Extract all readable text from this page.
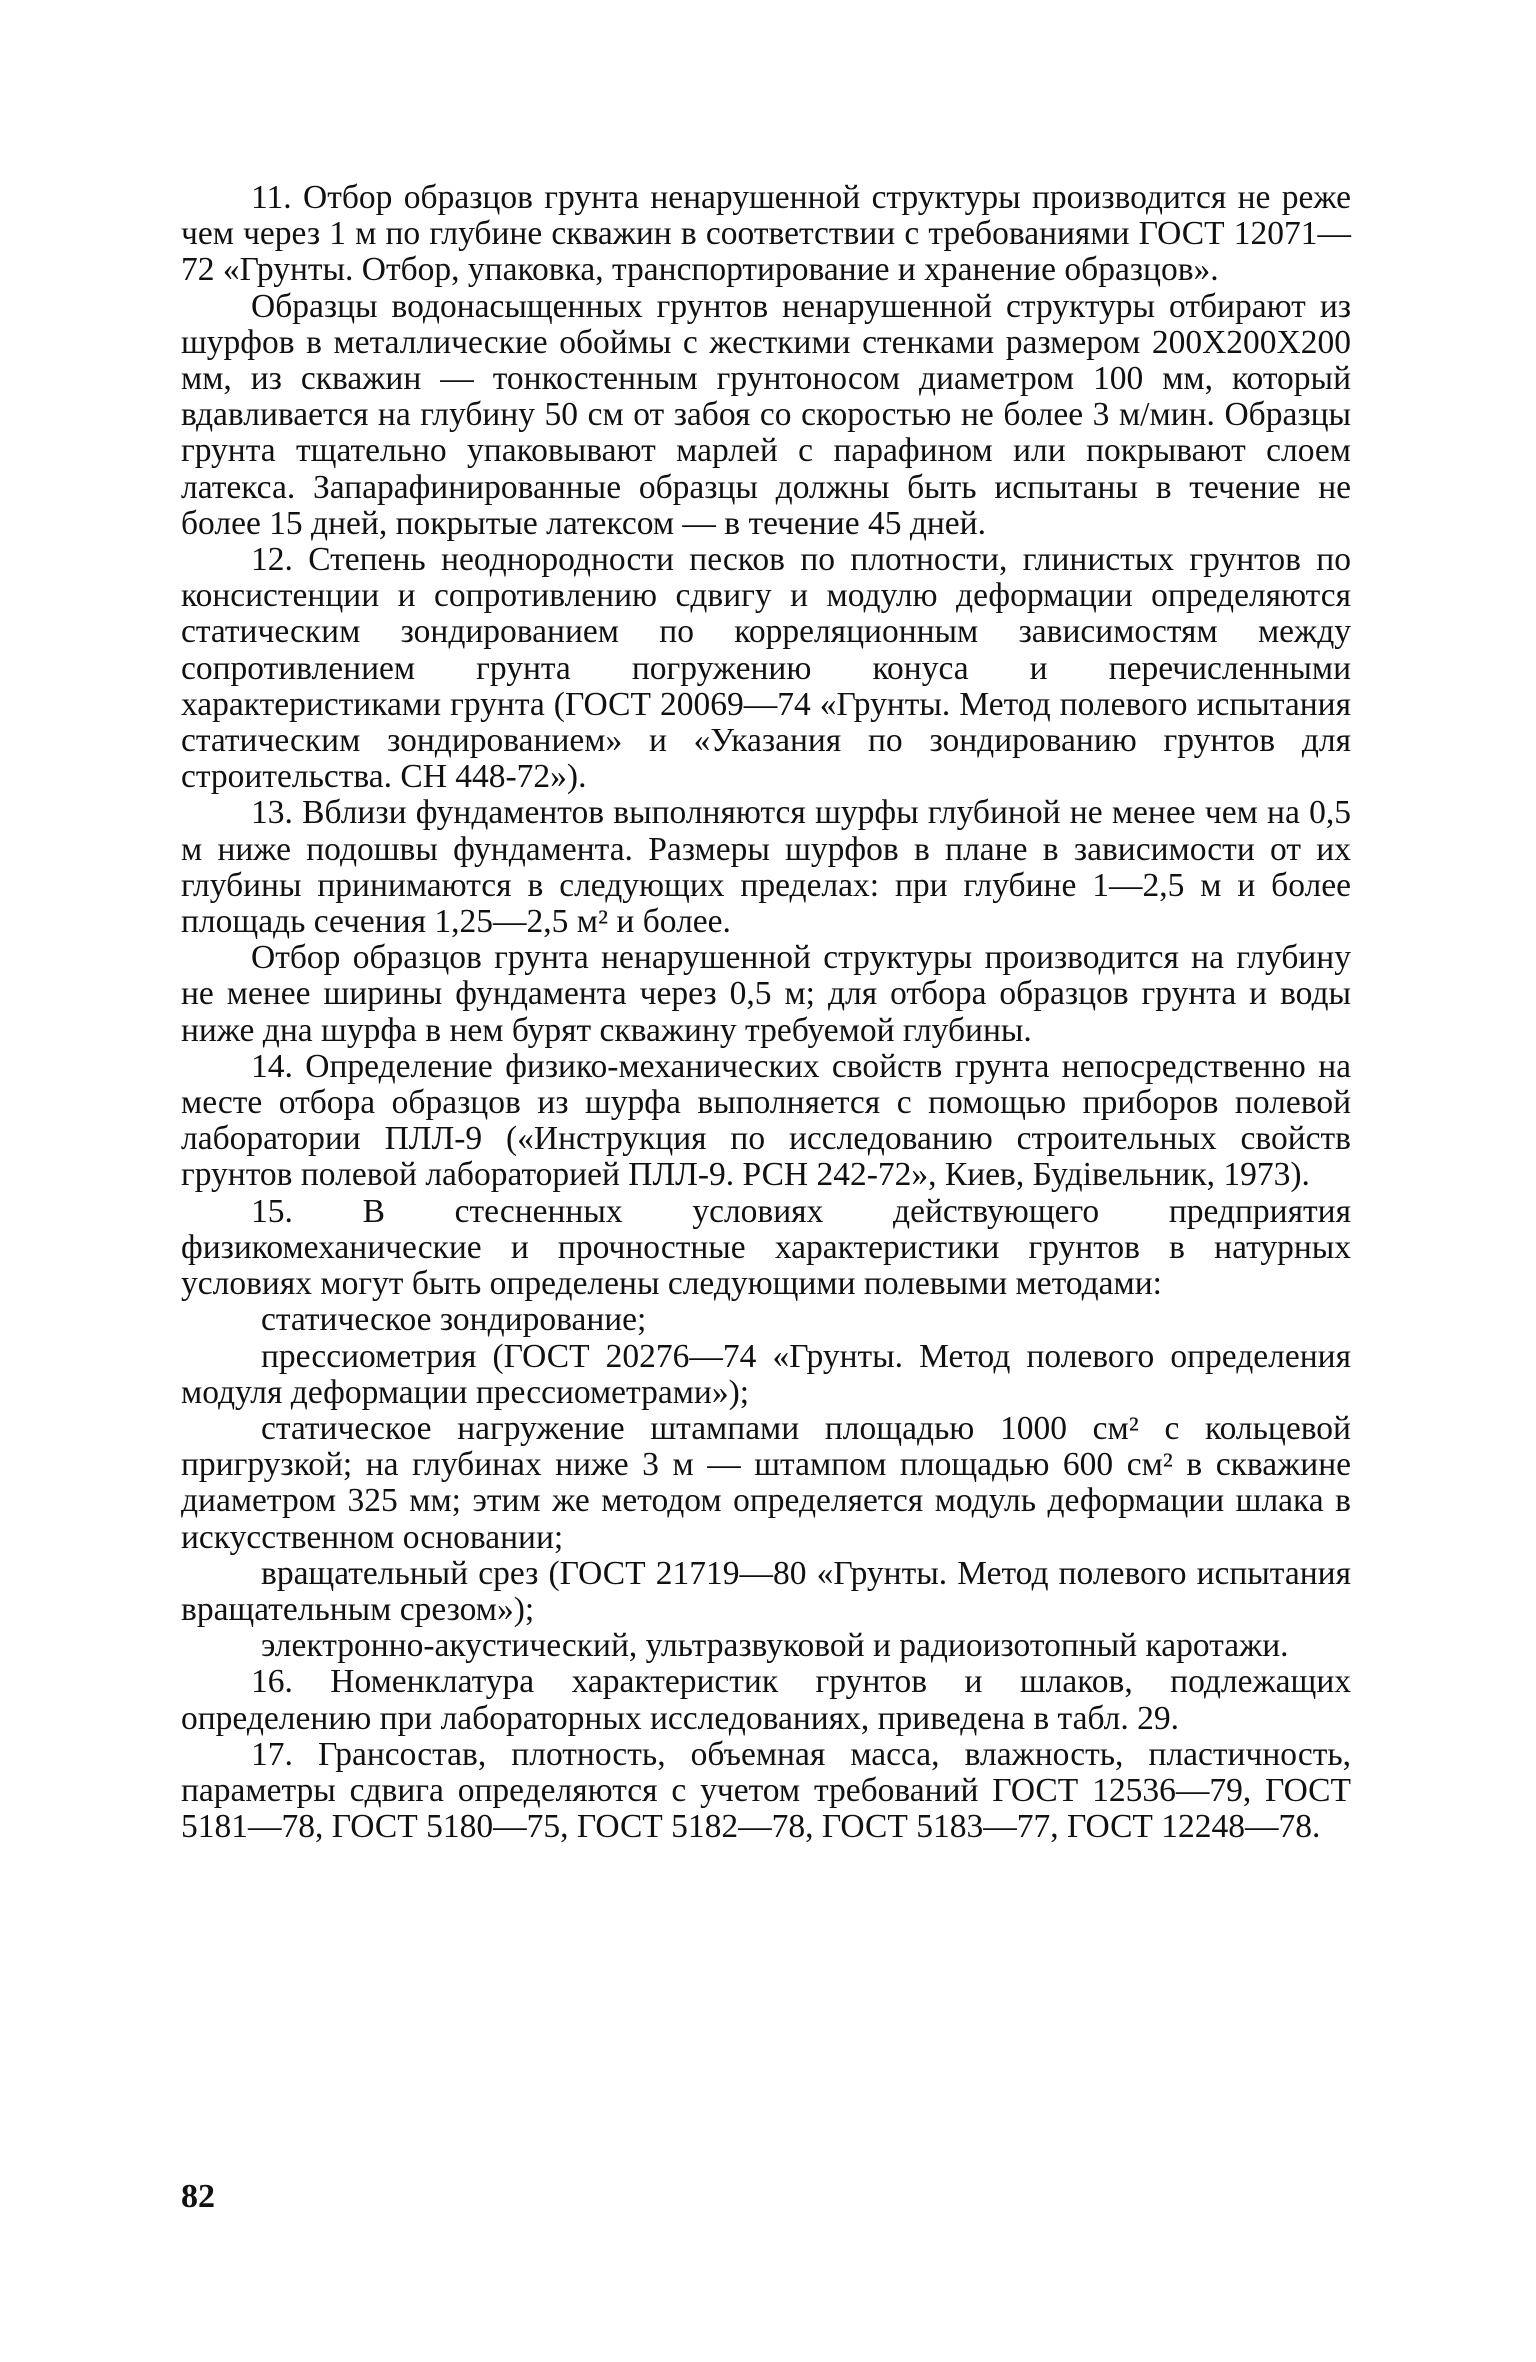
11. Отбор образцов грунта ненарушенной структуры производится не реже чем через 1 м по глубине скважин в соответствии с требованиями ГОСТ 12071—72 «Грунты. Отбор, упаковка, транспортирование и хранение образцов».

Образцы водонасыщенных грунтов ненарушенной структуры отбирают из шурфов в металлические обоймы с жесткими стенками размером 200Х200Х200 мм, из скважин — тонкостенным грунтоносом диаметром 100 мм, который вдавливается на глубину 50 см от забоя со скоростью не более 3 м/мин. Образцы грунта тщательно упаковывают марлей с парафином или покрывают слоем латекса. Запарафинированные образцы должны быть испытаны в течение не более 15 дней, покрытые латексом — в течение 45 дней.

12. Степень неоднородности песков по плотности, глинистых грунтов по консистенции и сопротивлению сдвигу и модулю деформации определяются статическим зондированием по корреляционным зависимостям между сопротивлением грунта погружению конуса и перечисленными характеристиками грунта (ГОСТ 20069—74 «Грунты. Метод полевого испытания статическим зондированием» и «Указания по зондированию грунтов для строительства. СН 448-72»).

13. Вблизи фундаментов выполняются шурфы глубиной не менее чем на 0,5 м ниже подошвы фундамента. Размеры шурфов в плане в зависимости от их глубины принимаются в следующих пределах: при глубине 1—2,5 м и более площадь сечения 1,25—2,5 м² и более.

Отбор образцов грунта ненарушенной структуры производится на глубину не менее ширины фундамента через 0,5 м; для отбора образцов грунта и воды ниже дна шурфа в нем бурят скважину требуемой глубины.

14. Определение физико-механических свойств грунта непосредственно на месте отбора образцов из шурфа выполняется с помощью приборов полевой лаборатории ПЛЛ-9 («Инструкция по исследованию строительных свойств грунтов полевой лабораторией ПЛЛ-9. РСН 242-72», Киев, Будiвельник, 1973).

15. В стесненных условиях действующего предприятия физикомеханические и прочностные характеристики грунтов в натурных условиях могут быть определены следующими полевыми методами:

статическое зондирование;

прессиометрия (ГОСТ 20276—74 «Грунты. Метод полевого определения модуля деформации прессиометрами»);

статическое нагружение штампами площадью 1000 см² с кольцевой пригрузкой; на глубинах ниже 3 м — штампом площадью 600 см² в скважине диаметром 325 мм; этим же методом определяется модуль деформации шлака в искусственном основании;

вращательный срез (ГОСТ 21719—80 «Грунты. Метод полевого испытания вращательным срезом»);

электронно-акустический, ультразвуковой и радиоизотопный каротажи.

16. Номенклатура характеристик грунтов и шлаков, подлежащих определению при лабораторных исследованиях, приведена в табл. 29.

17. Грансостав, плотность, объемная масса, влажность, пластичность, параметры сдвига определяются с учетом требований ГОСТ 12536—79, ГОСТ 5181—78, ГОСТ 5180—75, ГОСТ 5182—78, ГОСТ 5183—77, ГОСТ 12248—78.

82
